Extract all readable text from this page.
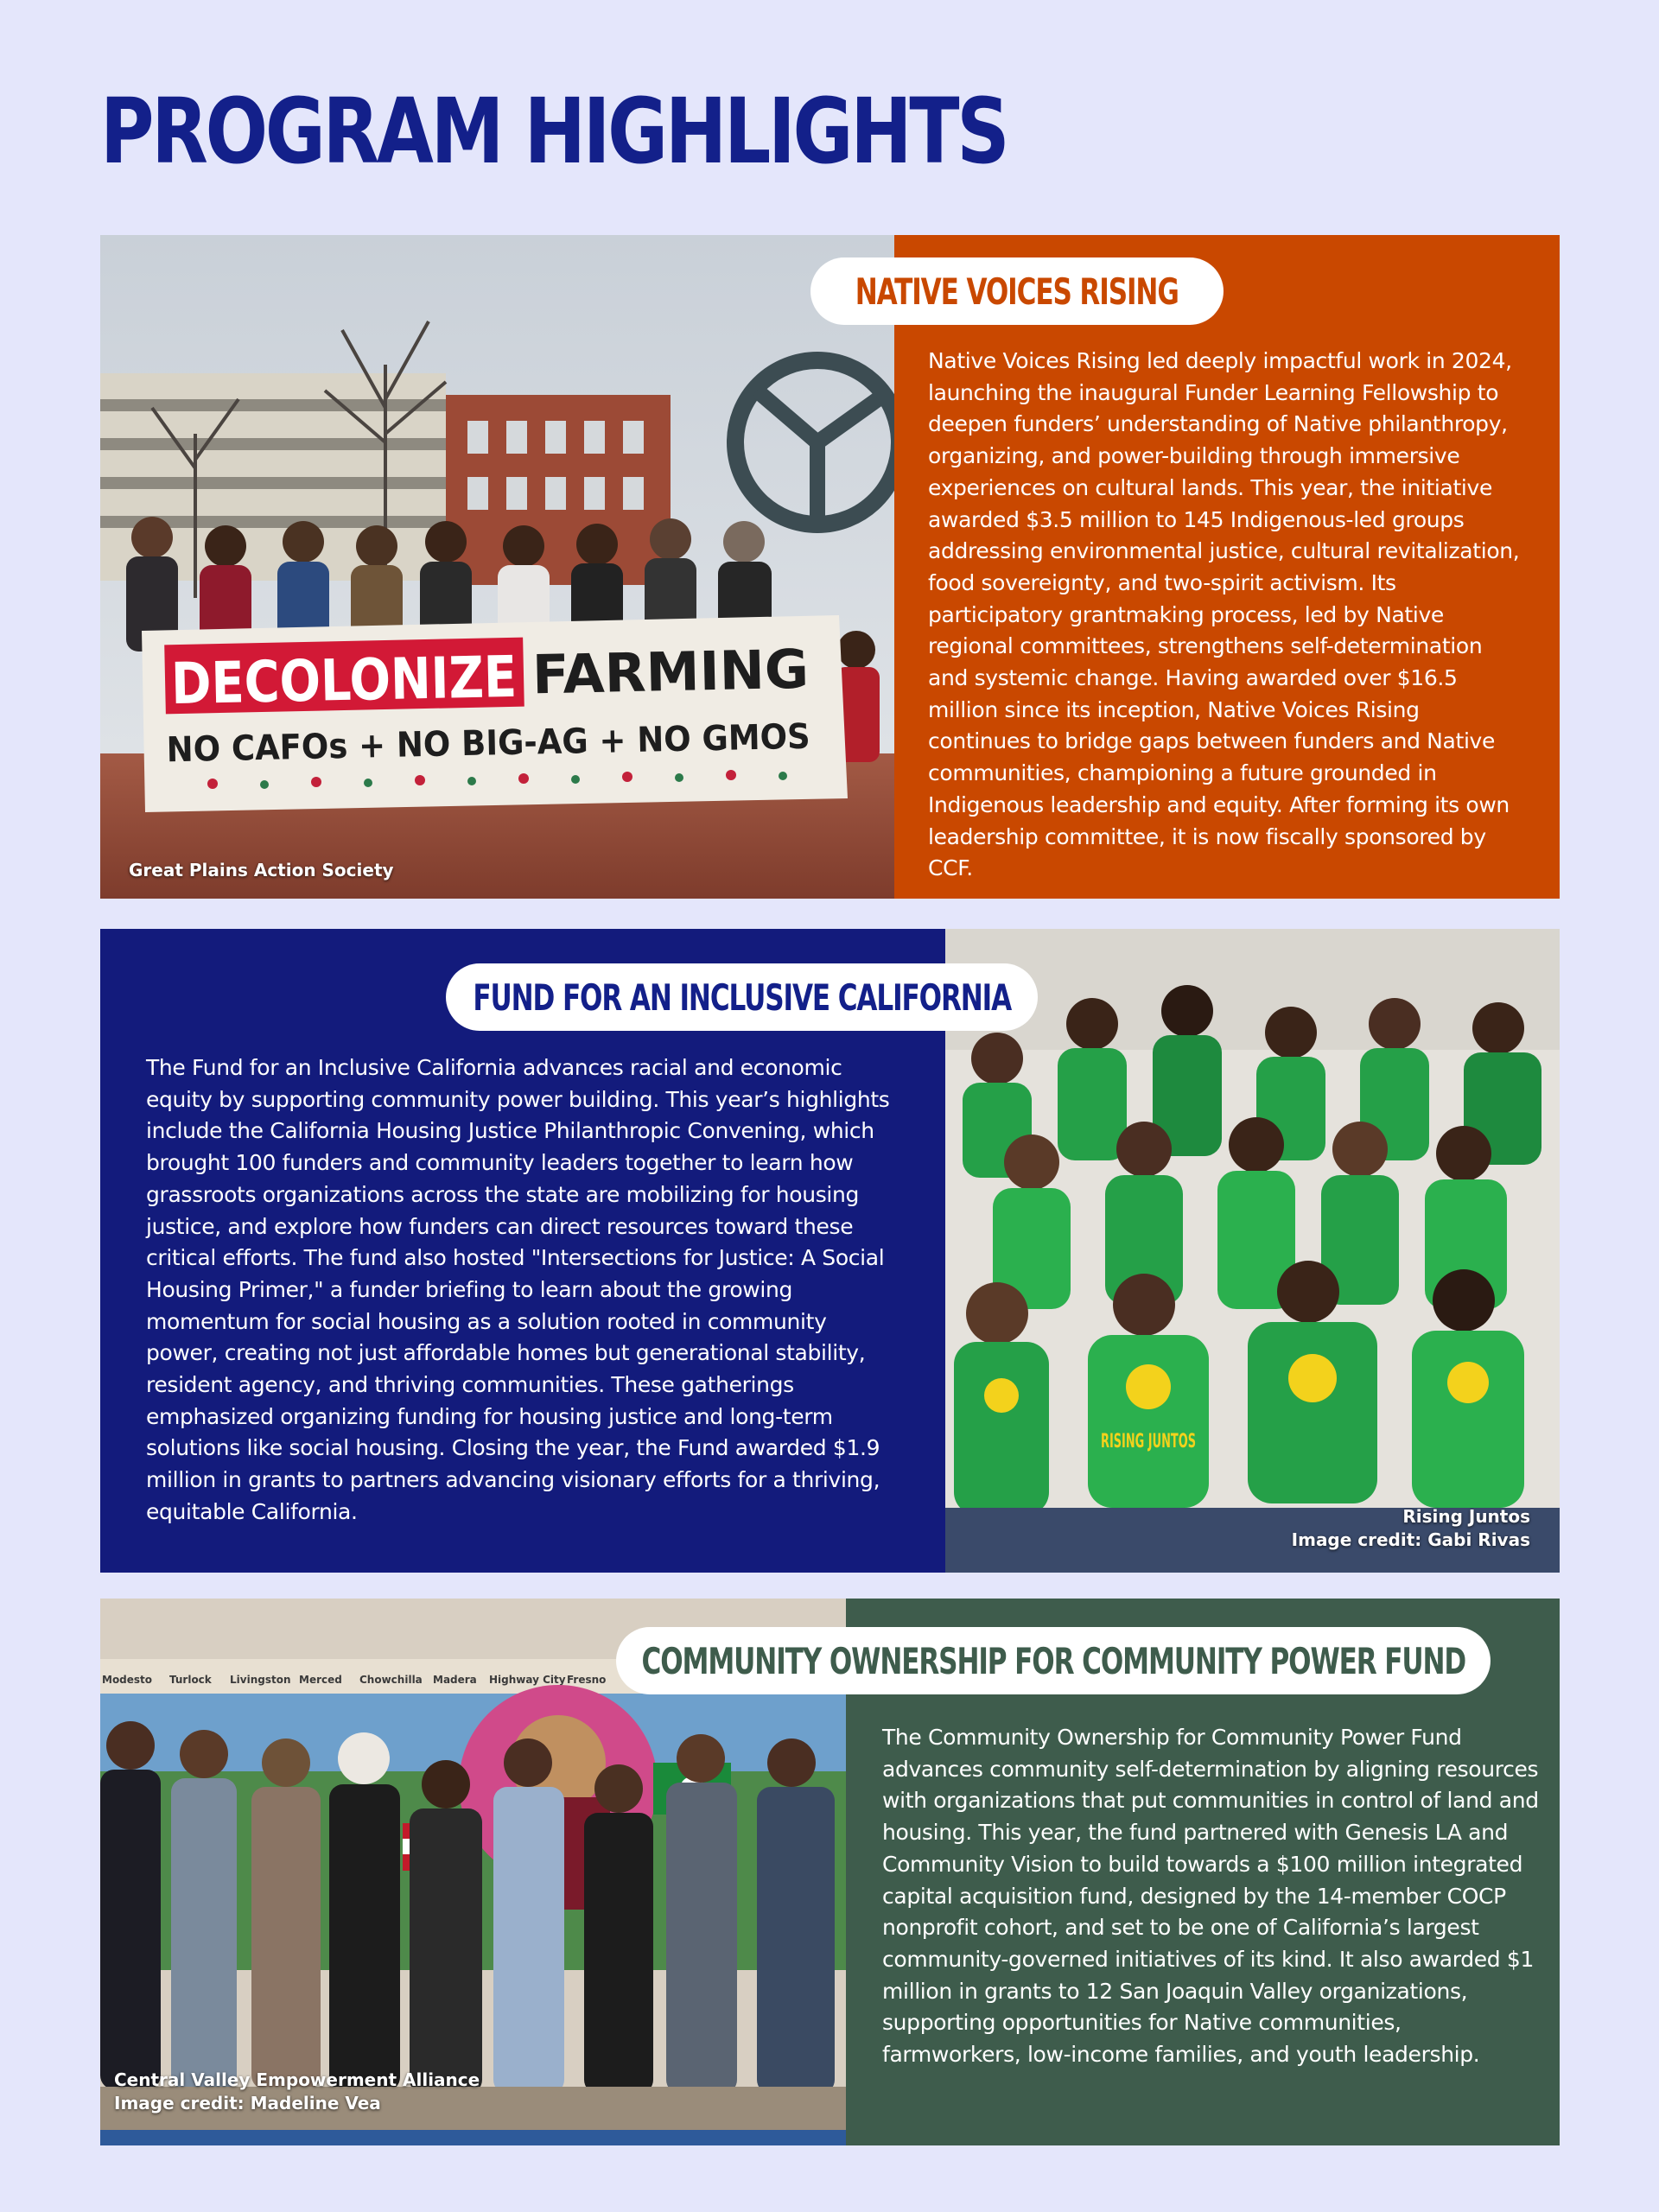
PROGRAM HIGHLIGHTS
DECOLONIZE
FARMING
NO CAFOs + NO BIG-AG + NO GMOS
Great Plains Action Society
NATIVE VOICES RISING

Native Voices Rising led deeply impactful work in 2024, launching the inaugural Funder Learning Fellowship to deepen funders’ understanding of Native philanthropy, organizing, and power-building through immersive experiences on cultural lands. This year, the initiative awarded $3.5 million to 145 Indigenous-led groups addressing environmental justice, cultural revitalization, food sovereignty, and two-spirit activism. Its participatory grantmaking process, led by Native regional committees, strengthens self-determination and systemic change. Having awarded over $16.5 million since its inception, Native Voices Rising continues to bridge gaps between funders and Native communities, championing a future grounded in Indigenous leadership and equity. After forming its own leadership committee, it is now fiscally sponsored by CCF.

RISING JUNTOS
Rising Juntos
Image credit: Gabi Rivas
FUND FOR AN INCLUSIVE CALIFORNIA

The Fund for an Inclusive California advances racial and economic equity by supporting community power building. This year’s highlights include the California Housing Justice Philanthropic Convening, which brought 100 funders and community leaders together to learn how grassroots organizations across the state are mobilizing for housing justice, and explore how funders can direct resources toward these critical efforts. The fund also hosted "Intersections for Justice: A Social Housing Primer," a funder briefing to learn about the growing momentum for social housing as a solution rooted in community power, creating not just affordable homes but generational stability, resident agency, and thriving communities. These gatherings emphasized organizing funding for housing justice and long-term solutions like social housing. Closing the year, the Fund awarded $1.9 million in grants to partners advancing visionary efforts for a thriving, equitable California.

Modesto Turlock Livingston Merced Chowchilla Madera Highway City Fresno
Central Valley Empowerment Alliance
Image credit: Madeline Vea
COMMUNITY OWNERSHIP FOR COMMUNITY POWER FUND

The Community Ownership for Community Power Fund advances community self-determination by aligning resources with organizations that put communities in control of land and housing. This year, the fund partnered with Genesis LA and Community Vision to build towards a $100 million integrated capital acquisition fund, designed by the 14-member COCP nonprofit cohort, and set to be one of California’s largest community-governed initiatives of its kind. It also awarded $1 million in grants to 12 San Joaquin Valley organizations, supporting opportunities for Native communities, farmworkers, low-income families, and youth leadership.
